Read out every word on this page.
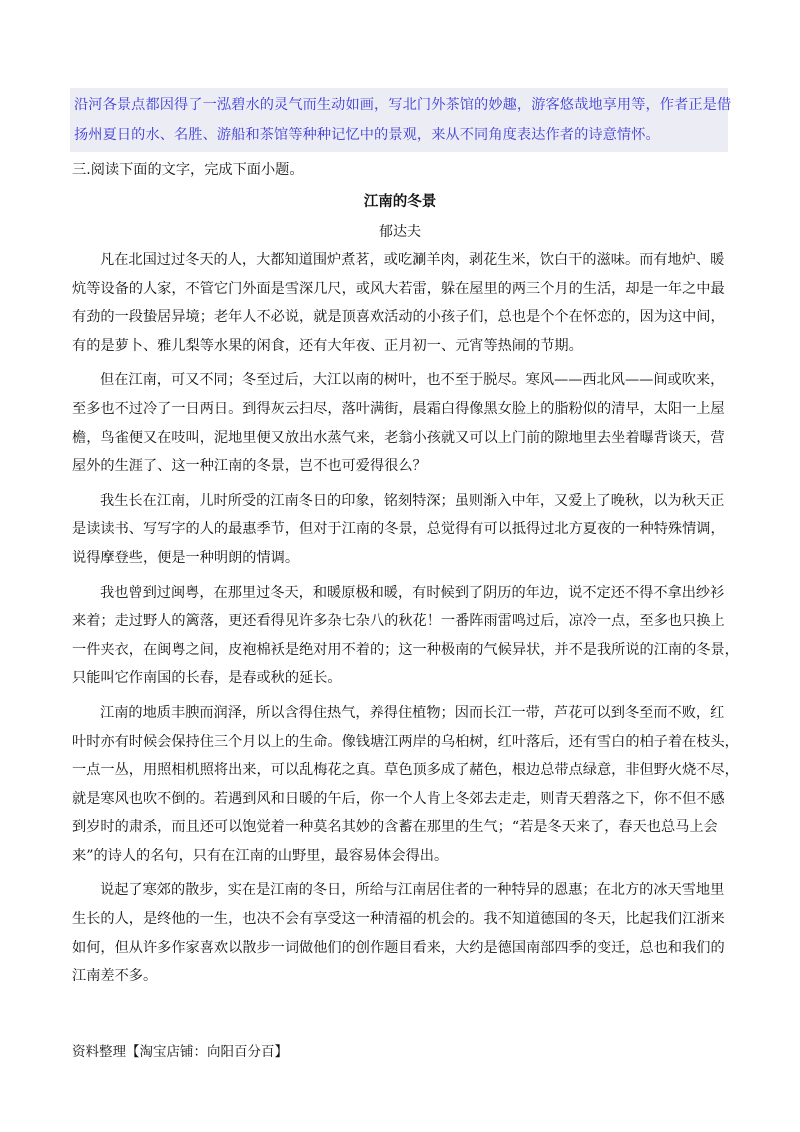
沿河各景点都因得了一泓碧水的灵气而生动如画，写北门外茶馆的妙趣，游客悠哉地享用等，作者正是借
扬州夏日的水、名胜、游船和茶馆等种种记忆中的景观，来从不同角度表达作者的诗意情怀。
三.阅读下面的文字，完成下面小题。
江南的冬景
郁达夫
凡在北国过过冬天的人，大都知道围炉煮茗，或吃涮羊肉，剥花生米，饮白干的滋味。而有地炉、暖
炕等设备的人家，不管它门外面是雪深几尺，或风大若雷，躲在屋里的两三个月的生活，却是一年之中最
有劲的一段蛰居异境；老年人不必说，就是顶喜欢活动的小孩子们，总也是个个在怀恋的，因为这中间，
有的是萝卜、雅儿梨等水果的闲食，还有大年夜、正月初一、元宵等热闹的节期。
但在江南，可又不同；冬至过后，大江以南的树叶，也不至于脱尽。寒风——西北风——间或吹来，
至多也不过冷了一日两日。到得灰云扫尽，落叶满街，晨霜白得像黑女脸上的脂粉似的清早，太阳一上屋
檐，鸟雀便又在吱叫，泥地里便又放出水蒸气来，老翁小孩就又可以上门前的隙地里去坐着曝背谈天，营
屋外的生涯了、这一种江南的冬景，岂不也可爱得很么？
我生长在江南，儿时所受的江南冬日的印象，铭刻特深；虽则渐入中年，又爱上了晚秋，以为秋天正
是读读书、写写字的人的最惠季节，但对于江南的冬景，总觉得有可以抵得过北方夏夜的一种特殊情调，
说得摩登些，便是一种明朗的情调。
我也曾到过闽粤，在那里过冬天，和暖原极和暖，有时候到了阴历的年边，说不定还不得不拿出纱衫
来着；走过野人的篱落，更还看得见许多杂七杂八的秋花！一番阵雨雷鸣过后，凉冷一点，至多也只换上
一件夹衣，在闽粤之间，皮袍棉袄是绝对用不着的；这一种极南的气候异状，并不是我所说的江南的冬景，
只能叫它作南国的长春，是春或秋的延长。
江南的地质丰腴而润泽，所以含得住热气，养得住植物；因而长江一带，芦花可以到冬至而不败，红
叶时亦有时候会保持住三个月以上的生命。像钱塘江两岸的乌桕树，红叶落后，还有雪白的柏子着在枝头，
一点一丛，用照相机照将出来，可以乱梅花之真。草色顶多成了赭色，根边总带点绿意，非但野火烧不尽，
就是寒风也吹不倒的。若遇到风和日暖的午后，你一个人肯上冬郊去走走，则青天碧落之下，你不但不感
到岁时的肃杀，而且还可以饱觉着一种莫名其妙的含蓄在那里的生气；“若是冬天来了，春天也总马上会
来”的诗人的名句，只有在江南的山野里，最容易体会得出。
说起了寒郊的散步，实在是江南的冬日，所给与江南居住者的一种特异的恩惠；在北方的冰天雪地里
生长的人，是终他的一生，也决不会有享受这一种清福的机会的。我不知道德国的冬天，比起我们江浙来
如何，但从许多作家喜欢以散步一词做他们的创作题目看来，大约是德国南部四季的变迁，总也和我们的
江南差不多。
资料整理【淘宝店铺：向阳百分百】
